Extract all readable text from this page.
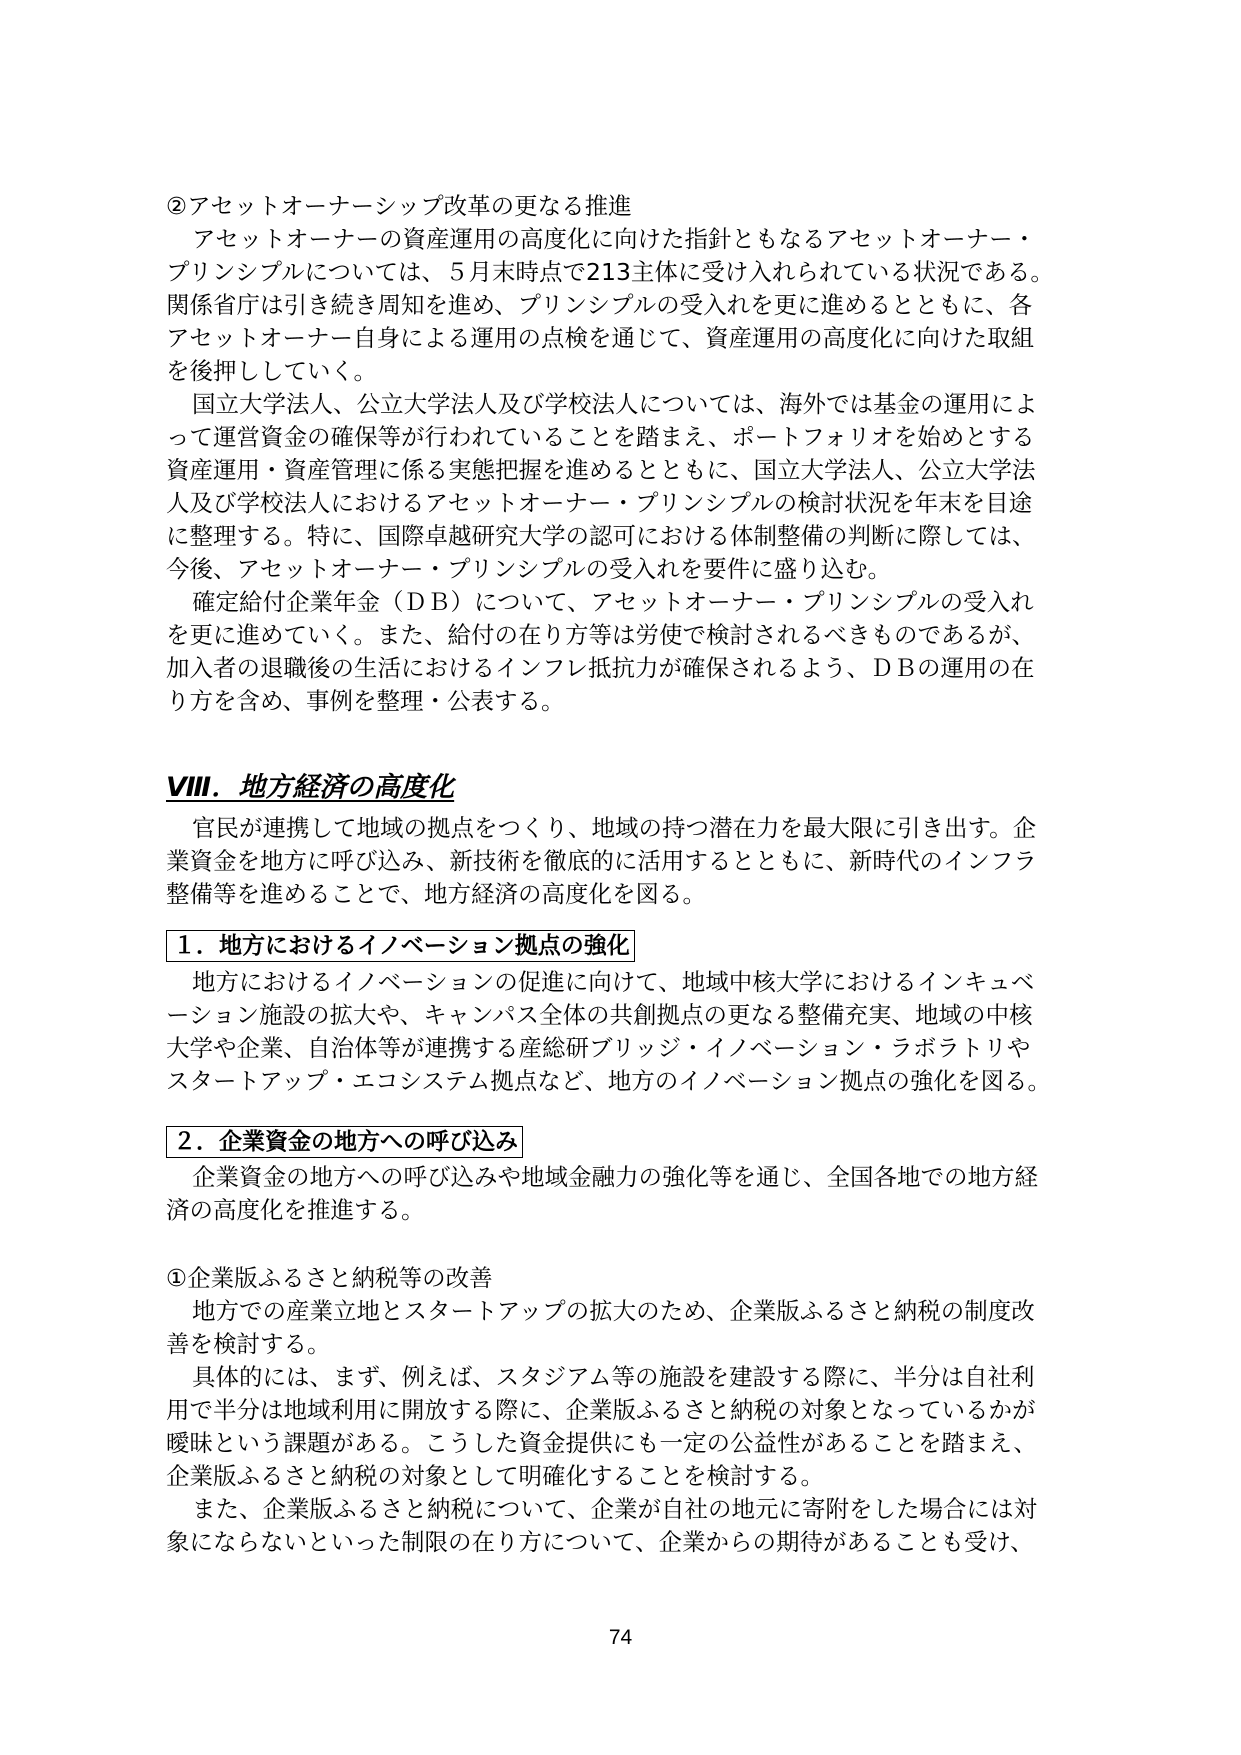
②アセットオーナーシップ改革の更なる推進
アセットオーナーの資産運用の高度化に向けた指針ともなるアセットオーナー・
プリンシプルについては、５月末時点で213主体に受け入れられている状況である。
関係省庁は引き続き周知を進め、プリンシプルの受入れを更に進めるとともに、各
アセットオーナー自身による運用の点検を通じて、資産運用の高度化に向けた取組
を後押ししていく。
国立大学法人、公立大学法人及び学校法人については、海外では基金の運用によ
って運営資金の確保等が行われていることを踏まえ、ポートフォリオを始めとする
資産運用・資産管理に係る実態把握を進めるとともに、国立大学法人、公立大学法
人及び学校法人におけるアセットオーナー・プリンシプルの検討状況を年末を目途
に整理する。特に、国際卓越研究大学の認可における体制整備の判断に際しては、
今後、アセットオーナー・プリンシプルの受入れを要件に盛り込む。
確定給付企業年金（ＤＢ）について、アセットオーナー・プリンシプルの受入れ
を更に進めていく。また、給付の在り方等は労使で検討されるべきものであるが、
加入者の退職後の生活におけるインフレ抵抗力が確保されるよう、ＤＢの運用の在
り方を含め、事例を整理・公表する。
Ⅷ．地方経済の高度化
官民が連携して地域の拠点をつくり、地域の持つ潜在力を最大限に引き出す。企
業資金を地方に呼び込み、新技術を徹底的に活用するとともに、新時代のインフラ
整備等を進めることで、地方経済の高度化を図る。
１．地方におけるイノベーション拠点の強化
地方におけるイノベーションの促進に向けて、地域中核大学におけるインキュベ
ーション施設の拡大や、キャンパス全体の共創拠点の更なる整備充実、地域の中核
大学や企業、自治体等が連携する産総研ブリッジ・イノベーション・ラボラトリや
スタートアップ・エコシステム拠点など、地方のイノベーション拠点の強化を図る。
２．企業資金の地方への呼び込み
企業資金の地方への呼び込みや地域金融力の強化等を通じ、全国各地での地方経
済の高度化を推進する。
①企業版ふるさと納税等の改善
地方での産業立地とスタートアップの拡大のため、企業版ふるさと納税の制度改
善を検討する。
具体的には、まず、例えば、スタジアム等の施設を建設する際に、半分は自社利
用で半分は地域利用に開放する際に、企業版ふるさと納税の対象となっているかが
曖昧という課題がある。こうした資金提供にも一定の公益性があることを踏まえ、
企業版ふるさと納税の対象として明確化することを検討する。
また、企業版ふるさと納税について、企業が自社の地元に寄附をした場合には対
象にならないといった制限の在り方について、企業からの期待があることも受け、
74
